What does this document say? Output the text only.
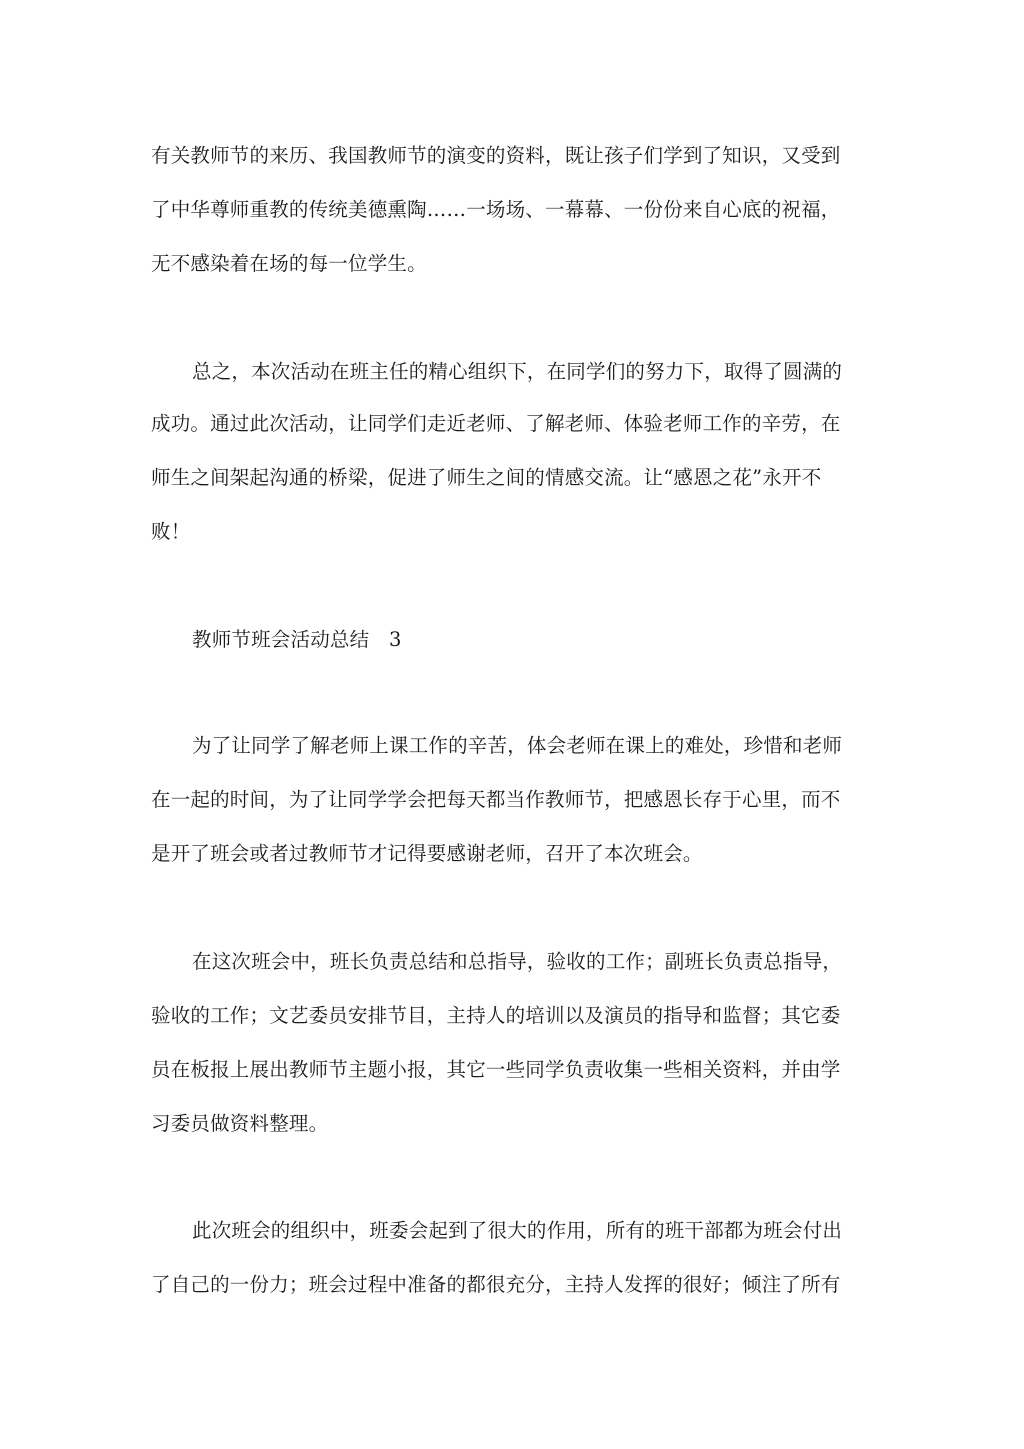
有关教师节的来历、我国教师节的演变的资料，既让孩子们学到了知识，又受到
了中华尊师重教的传统美德熏陶……一场场、一幕幕、一份份来自心底的祝福，
无不感染着在场的每一位学生。
总之，本次活动在班主任的精心组织下，在同学们的努力下，取得了圆满的
成功。通过此次活动，让同学们走近老师、了解老师、体验老师工作的辛劳，在
师生之间架起沟通的桥梁，促进了师生之间的情感交流。让“感恩之花”永开不
败！
教师节班会活动总结　3
为了让同学了解老师上课工作的辛苦，体会老师在课上的难处，珍惜和老师
在一起的时间，为了让同学学会把每天都当作教师节，把感恩长存于心里，而不
是开了班会或者过教师节才记得要感谢老师，召开了本次班会。
在这次班会中，班长负责总结和总指导，验收的工作；副班长负责总指导，
验收的工作；文艺委员安排节目，主持人的培训以及演员的指导和监督；其它委
员在板报上展出教师节主题小报，其它一些同学负责收集一些相关资料，并由学
习委员做资料整理。
此次班会的组织中，班委会起到了很大的作用，所有的班干部都为班会付出
了自己的一份力；班会过程中准备的都很充分，主持人发挥的很好；倾注了所有
